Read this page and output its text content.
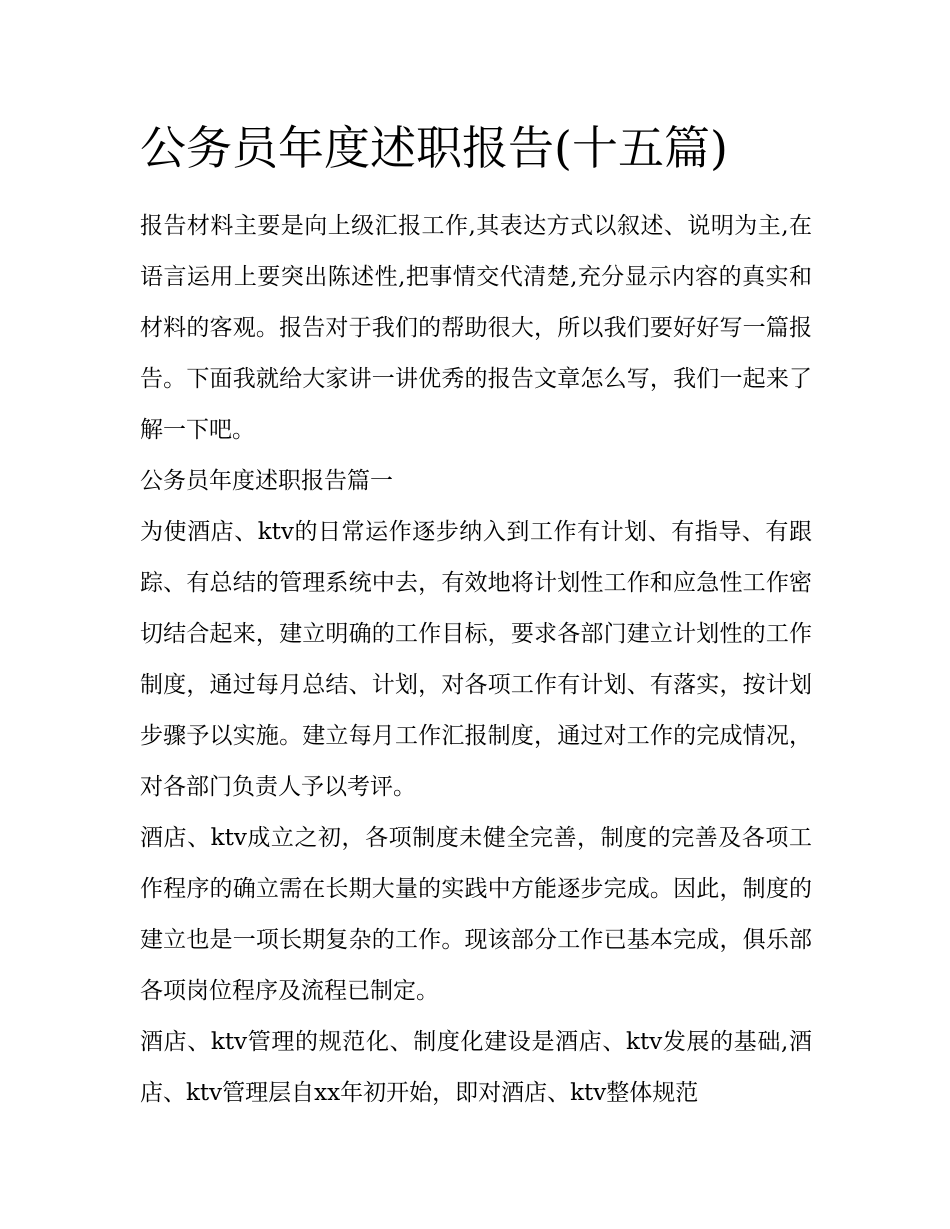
公务员年度述职报告(十五篇)

报告材料主要是向上级汇报工作,其表达方式以叙述、说明为主,在语言运用上要突出陈述性,把事情交代清楚,充分显示内容的真实和材料的客观。报告对于我们的帮助很大，所以我们要好好写一篇报告。下面我就给大家讲一讲优秀的报告文章怎么写，我们一起来了解一下吧。

公务员年度述职报告篇一

为使酒店、ktv的日常运作逐步纳入到工作有计划、有指导、有跟踪、有总结的管理系统中去，有效地将计划性工作和应急性工作密切结合起来，建立明确的工作目标，要求各部门建立计划性的工作制度，通过每月总结、计划，对各项工作有计划、有落实，按计划步骤予以实施。建立每月工作汇报制度，通过对工作的完成情况，对各部门负责人予以考评。

酒店、ktv成立之初，各项制度未健全完善，制度的完善及各项工作程序的确立需在长期大量的实践中方能逐步完成。因此，制度的建立也是一项长期复杂的工作。现该部分工作已基本完成，俱乐部各项岗位程序及流程已制定。

酒店、ktv管理的规范化、制度化建设是酒店、ktv发展的基础,酒店、ktv管理层自xx年初开始，即对酒店、ktv整体规范
